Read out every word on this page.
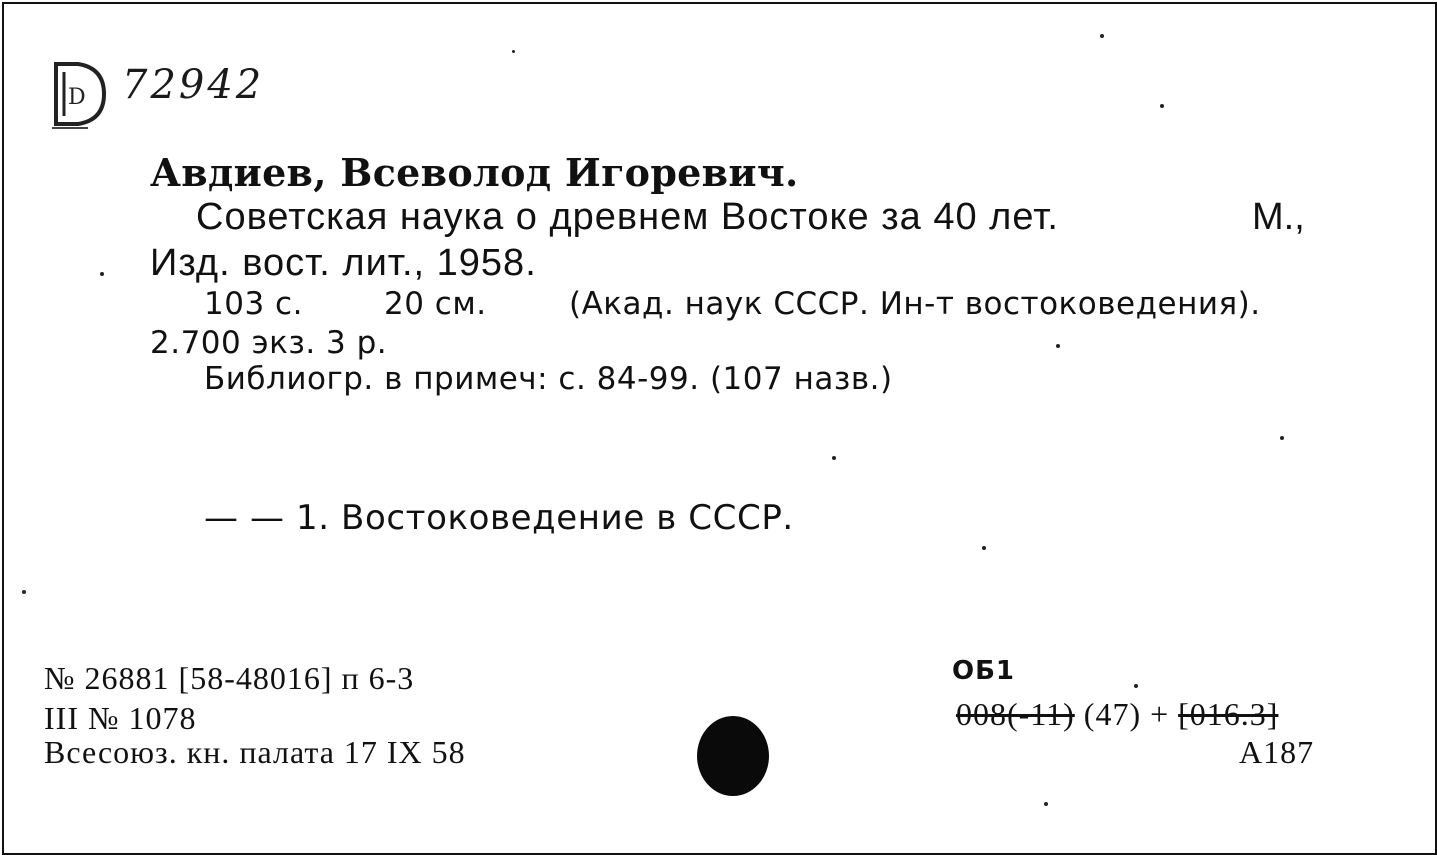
D 72942
Авдиев, Всеволод Игоревич.
Советская наука о древнем Востоке за 40 лет.	М.,
Изд. вост. лит., 1958.
103 с.	20 см.	(Акад. наук СССР. Ин-т востоковедения).
2.700 экз. 3 р.
Библиогр. в примеч: с. 84-99. (107 назв.)
— — 1. Востоковедение в СССР.
№ 26881 [58-48016] п 6-3
III № 1078
Всесоюз. кн. палата 17 IX 58
ОБ1
008(-11) (47) + [016.3]
А187
